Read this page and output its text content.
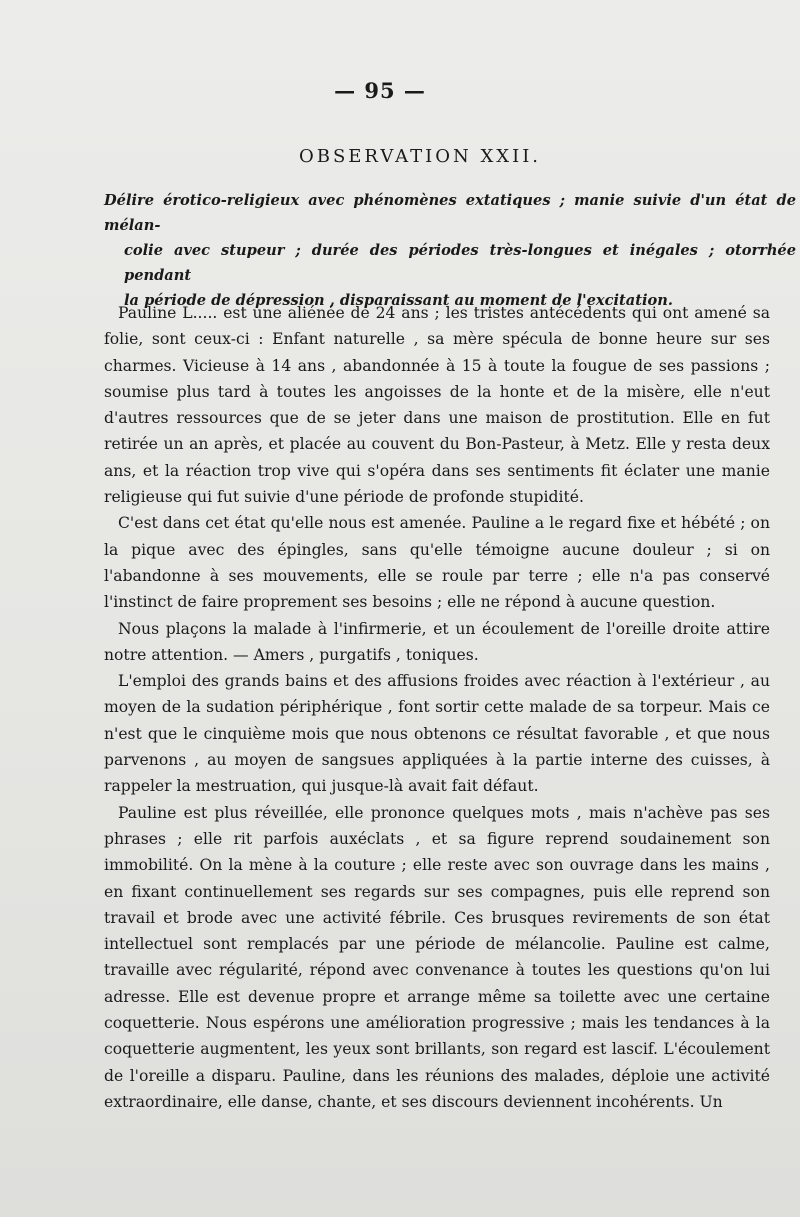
— 95 —
OBSERVATION XXII.
Délire érotico-religieux avec phénomènes extatiques ; manie suivie d'un état de mélan-
colie avec stupeur ; durée des périodes très-longues et inégales ; otorrhée pendant
la période de dépression , disparaissant au moment de l'excitation.

Pauline L..... est une aliénée de 24 ans ; les tristes antécédents qui ont amené sa folie, sont ceux-ci : Enfant naturelle , sa mère spécula de bonne heure sur ses charmes. Vicieuse à 14 ans , abandonnée à 15 à toute la fougue de ses passions ; soumise plus tard à toutes les angoisses de la honte et de la misère, elle n'eut d'autres ressources que de se jeter dans une maison de prostitution. Elle en fut retirée un an après, et placée au couvent du Bon-Pasteur, à Metz. Elle y resta deux ans, et la réaction trop vive qui s'opéra dans ses sentiments fit éclater une manie religieuse qui fut suivie d'une période de profonde stupidité.

C'est dans cet état qu'elle nous est amenée. Pauline a le regard fixe et hébété ; on la pique avec des épingles, sans qu'elle témoigne aucune douleur ; si on l'abandonne à ses mouvements, elle se roule par terre ; elle n'a pas conservé l'instinct de faire proprement ses besoins ; elle ne répond à aucune question.

Nous plaçons la malade à l'infirmerie, et un écoulement de l'oreille droite attire notre attention. — Amers , purgatifs , toniques.

L'emploi des grands bains et des affusions froides avec réaction à l'extérieur , au moyen de la sudation périphérique , font sortir cette malade de sa torpeur. Mais ce n'est que le cinquième mois que nous obtenons ce résultat favorable , et que nous parvenons , au moyen de sangsues appliquées à la partie interne des cuisses, à rappeler la mestruation, qui jusque-là avait fait défaut.

Pauline est plus réveillée, elle prononce quelques mots , mais n'achève pas ses phrases ; elle rit parfois auxéclats , et sa figure reprend soudainement son immobilité. On la mène à la couture ; elle reste avec son ouvrage dans les mains , en fixant continuellement ses regards sur ses compagnes, puis elle reprend son travail et brode avec une activité fébrile. Ces brusques revirements de son état intellectuel sont remplacés par une période de mélancolie. Pauline est calme, travaille avec régularité, répond avec convenance à toutes les questions qu'on lui adresse. Elle est devenue propre et arrange même sa toilette avec une certaine coquetterie. Nous espérons une amélioration progressive ; mais les tendances à la coquetterie augmentent, les yeux sont brillants, son regard est lascif. L'écoulement de l'oreille a disparu. Pauline, dans les réunions des malades, déploie une activité extraordinaire, elle danse, chante, et ses discours deviennent incohérents. Un
